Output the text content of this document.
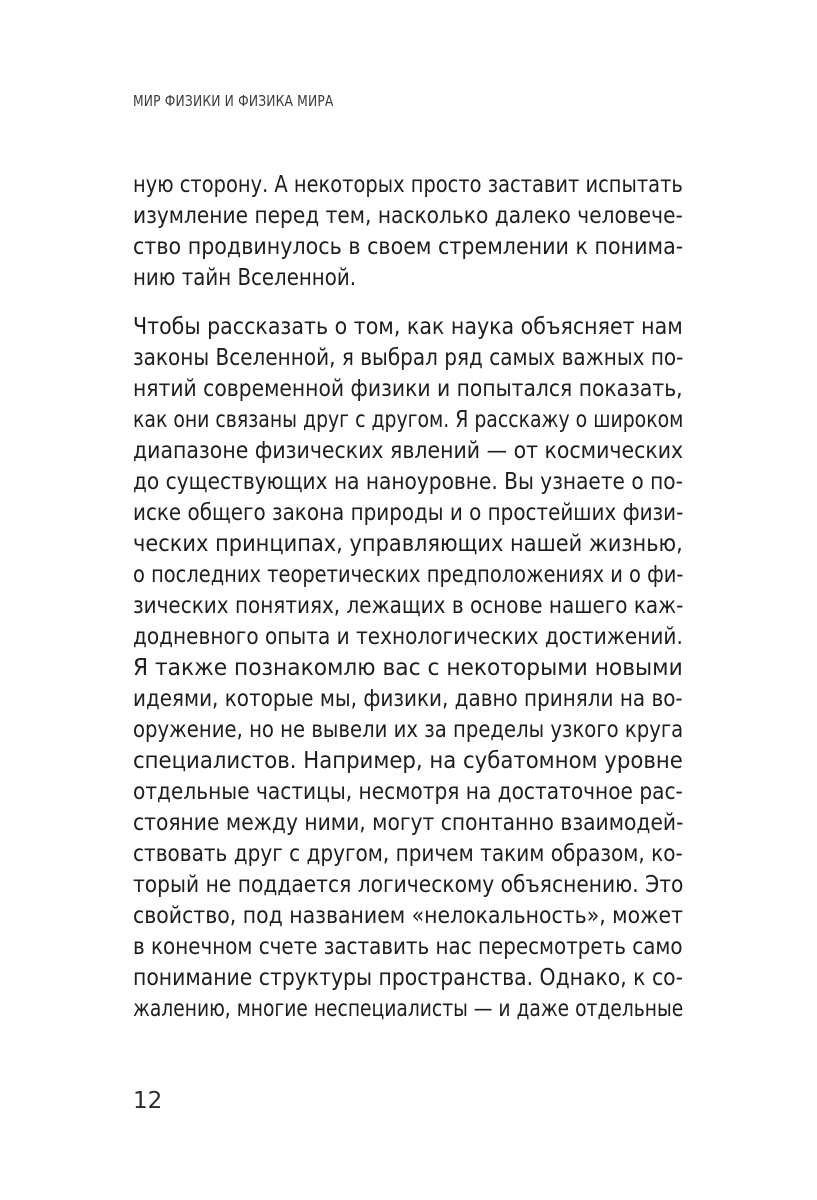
МИР ФИЗИКИ И ФИЗИКА МИРА
ную сторону. А некоторых просто заставит испытать
изумление перед тем, насколько далеко человече-
ство продвинулось в своем стремлении к понима-
нию тайн Вселенной.
Чтобы рассказать о том, как наука объясняет нам
законы Вселенной, я выбрал ряд самых важных по-
нятий современной физики и попытался показать,
как они связаны друг с другом. Я расскажу о широком
диапазоне физических явлений — от космических
до существующих на наноуровне. Вы узнаете о по-
иске общего закона природы и о простейших физи-
ческих принципах, управляющих нашей жизнью,
о последних теоретических предположениях и о фи-
зических понятиях, лежащих в основе нашего каж-
додневного опыта и технологических достижений.
Я также познакомлю вас с некоторыми новыми
идеями, которые мы, физики, давно приняли на во-
оружение, но не вывели их за пределы узкого круга
специалистов. Например, на субатомном уровне
отдельные частицы, несмотря на достаточное рас-
стояние между ними, могут спонтанно взаимодей-
ствовать друг с другом, причем таким образом, ко-
торый не поддается логическому объяснению. Это
свойство, под названием «нелокальность», может
в конечном счете заставить нас пересмотреть само
понимание структуры пространства. Однако, к со-
жалению, многие неспециалисты — и даже отдельные
12
